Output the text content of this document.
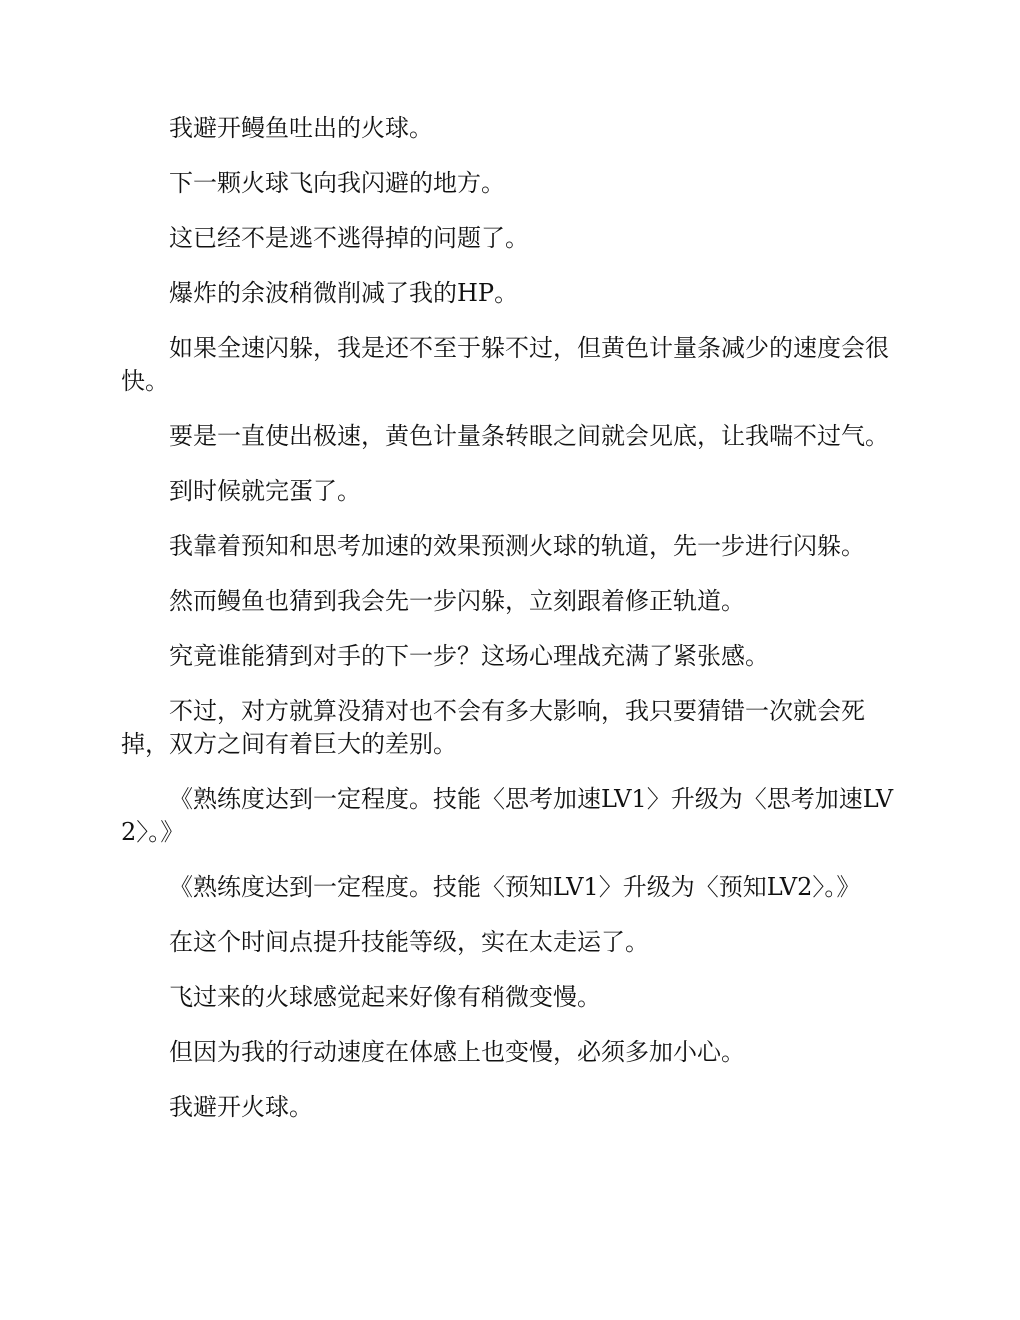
我避开鳗鱼吐出的火球。

下一颗火球飞向我闪避的地方。

这已经不是逃不逃得掉的问题了。

爆炸的余波稍微削减了我的HP。

如果全速闪躲，我是还不至于躲不过，但黄色计量条减少的速度会很快。

要是一直使出极速，黄色计量条转眼之间就会见底，让我喘不过气。

到时候就完蛋了。

我靠着预知和思考加速的效果预测火球的轨道，先一步进行闪躲。

然而鳗鱼也猜到我会先一步闪躲，立刻跟着修正轨道。

究竟谁能猜到对手的下一步？这场心理战充满了紧张感。

不过，对方就算没猜对也不会有多大影响，我只要猜错一次就会死掉，双方之间有着巨大的差别。

《熟练度达到一定程度。技能〈思考加速LV1〉升级为〈思考加速LV2〉。》

《熟练度达到一定程度。技能〈预知LV1〉升级为〈预知LV2〉。》

在这个时间点提升技能等级，实在太走运了。

飞过来的火球感觉起来好像有稍微变慢。

但因为我的行动速度在体感上也变慢，必须多加小心。

我避开火球。
